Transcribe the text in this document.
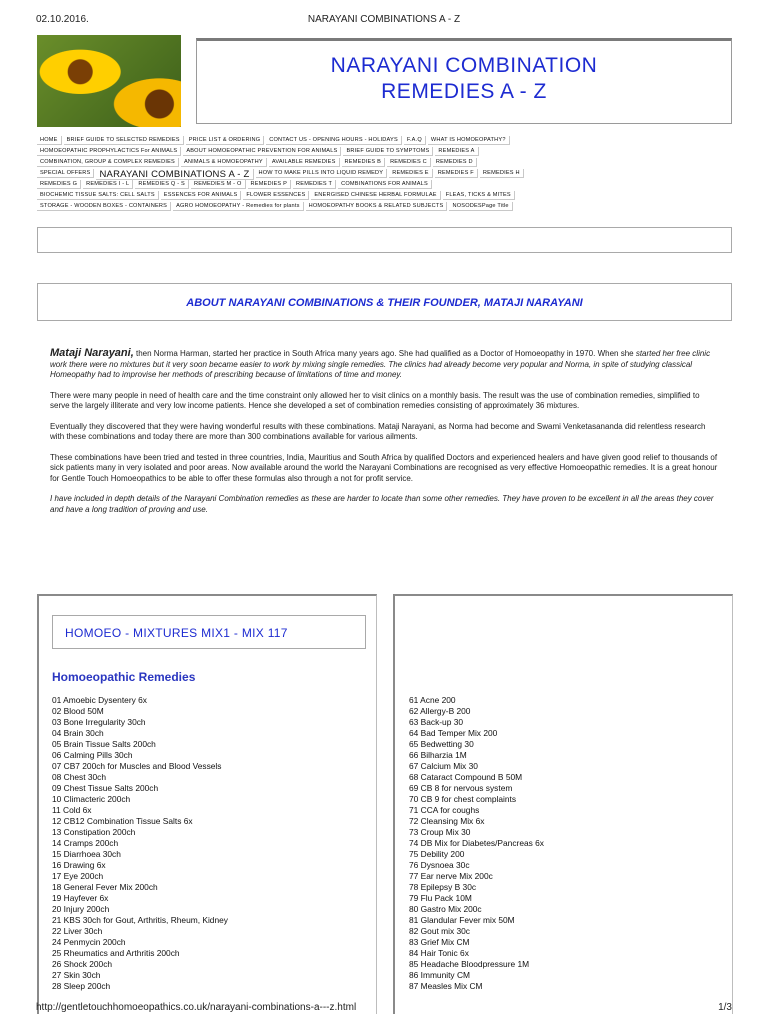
02.10.2016.	NARAYANI COMBINATIONS A - Z
NARAYANI COMBINATION
REMEDIES A - Z
HOME	BRIEF GUIDE TO SELECTED REMEDIES	PRICE LIST & ORDERING	CONTACT US - OPENING HOURS - HOLIDAYS	F.A.Q	WHAT IS HOMOEOPATHY?
HOMOEOPATHIC PROPHYLACTICS For ANIMALS	ABOUT HOMOEOPATHIC PREVENTION FOR ANIMALS	BRIEF GUIDE TO SYMPTOMS	REMEDIES A
COMBINATION, GROUP & COMPLEX REMEDIES	ANIMALS & HOMOEOPATHY	AVAILABLE REMEDIES	REMEDIES B	REMEDIES C	REMEDIES D
SPECIAL OFFERS NARAYANI COMBINATIONS A - Z	HOW TO MAKE PILLS INTO LIQUID REMEDY	REMEDIES E	REMEDIES F	REMEDIES H
REMEDIES G	REMEDIES I - L	REMEDIES Q - S	REMEDIES M - O	REMEDIES P	REMEDIES T	COMBINATIONS FOR ANIMALS
BIOCHEMIC TISSUE SALTS: CELL SALTS	ESSENCES FOR ANIMALS	FLOWER ESSENCES	ENERGISED CHINESE HERBAL FORMULAE	FLEAS, TICKS & MITES
STORAGE - WOODEN BOXES - CONTAINERS	AGRO HOMOEOPATHY - Remedies for plants	HOMOEOPATHY BOOKS & RELATED SUBJECTS	NOSODESPage Title
ABOUT NARAYANI COMBINATIONS & THEIR FOUNDER, MATAJI NARAYANI

Mataji Narayani, then Norma Harman, started her practice in South Africa many years ago. She had qualified as a Doctor of Homoeopathy in 1970. When she started her free clinic work there were no mixtures but it very soon became easier to work by mixing single remedies. The clinics had already become very popular and Norma, in spite of studying classical Homeopathy had to improvise her methods of prescribing because of limitations of time and money.

There were many people in need of health care and the time constraint only allowed her to visit clinics on a monthly basis. The result was the use of combination remedies, simplified to serve the largely illiterate and very low income patients. Hence she developed a set of combination remedies consisting of approximately 36 mixtures.

Eventually they discovered that they were having wonderful results with these combinations. Mataji Narayani, as Norma had become and Swami Venketasananda did relentless research with these combinations and today there are more than 300 combinations available for various ailments.

These combinations have been tried and tested in three countries, India, Mauritius and South Africa by qualified Doctors and experienced healers and have given good relief to thousands of sick patients many in very isolated and poor areas. Now available around the world the Narayani Combinations are recognised as very effective Homoeopathic remedies. It is a great honour for Gentle Touch Homoeopathics to be able to offer these formulas also through a not for profit service.

I have included in depth details of the Narayani Combination remedies as these are harder to locate than some other remedies. They have proven to be excellent in all the areas they cover and have a long tradition of proving and use.

HOMOEO - MIXTURES MIX1 - MIX 117
Homoeopathic Remedies
01 Amoebic Dysentery 6x
02 Blood 50M
03 Bone Irregularity 30ch
04 Brain 30ch
05 Brain Tissue Salts 200ch
06 Calming Pills 30ch
07 CB7 200ch for Muscles and Blood Vessels
08 Chest 30ch
09 Chest Tissue Salts 200ch
10 Climacteric 200ch
11 Cold 6x
12 CB12 Combination Tissue Salts 6x
13 Constipation 200ch
14 Cramps 200ch
15 Diarrhoea 30ch
16 Drawing 6x
17 Eye 200ch
18 General Fever Mix 200ch
19 Hayfever 6x
20 Injury 200ch
21 KBS 30ch for Gout, Arthritis, Rheum, Kidney
22 Liver 30ch
24 Penmycin 200ch
25 Rheumatics and Arthritis 200ch
26 Shock 200ch
27 Skin 30ch
28 Sleep 200ch
61 Acne 200
62 Allergy-B 200
63 Back-up 30
64 Bad Temper Mix 200
65 Bedwetting 30
66 Bilharzia 1M
67 Calcium Mix 30
68 Cataract Compound B 50M
69 CB 8 for nervous system
70 CB 9 for chest complaints
71 CCA for coughs
72 Cleansing Mix 6x
73 Croup Mix 30
74 DB Mix for Diabetes/Pancreas 6x
75 Debility 200
76 Dysnoea 30c
77 Ear nerve Mix 200c
78 Epilepsy B 30c
79 Flu Pack 10M
80 Gastro Mix 200c
81 Glandular Fever mix 50M
82 Gout mix 30c
83 Grief Mix CM
84 Hair Tonic 6x
85 Headache Bloodpressure 1M
86 Immunity CM
87 Measles Mix CM
http://gentletouchhomoeopathics.co.uk/narayani-combinations-a---z.html	1/3
